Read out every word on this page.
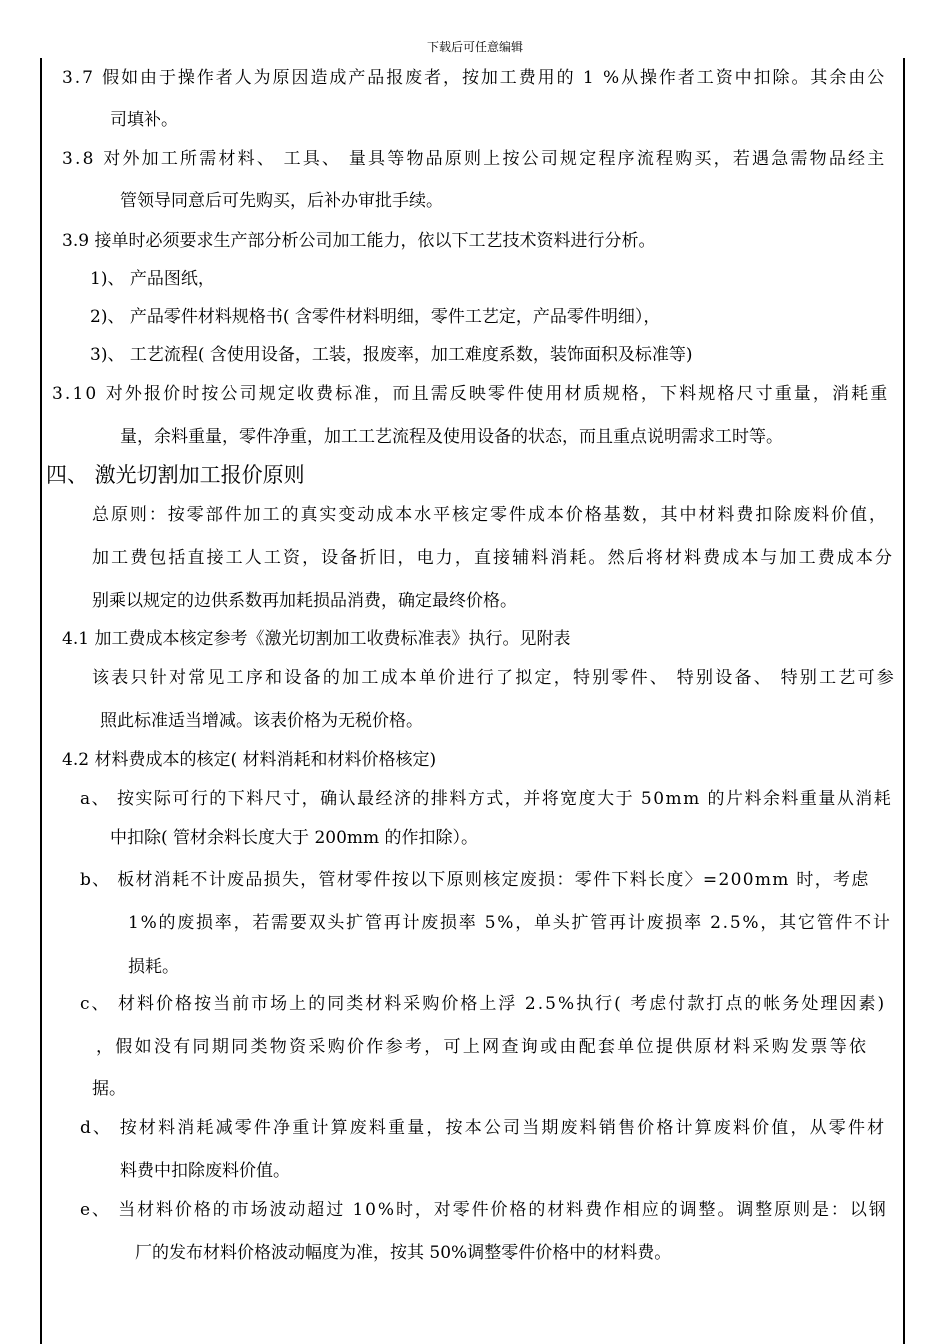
下载后可任意编辑
3.7 假如由于操作者人为原因造成产品报废者，按加工费用的 1 %从操作者工资中扣除。其余由公
司填补。
3.8 对外加工所需材料、 工具、 量具等物品原则上按公司规定程序流程购买，若遇急需物品经主
管领导同意后可先购买，后补办审批手续。
3.9 接单时必须要求生产部分析公司加工能力，依以下工艺技术资料进行分析。
1)、 产品图纸，
2)、 产品零件材料规格书( 含零件材料明细，零件工艺定，产品零件明细），
3)、 工艺流程( 含使用设备，工装，报废率，加工难度系数，装饰面积及标准等)
3.10 对外报价时按公司规定收费标准，而且需反映零件使用材质规格，下料规格尺寸重量，消耗重
量，余料重量，零件净重，加工工艺流程及使用设备的状态，而且重点说明需求工时等。
四、 激光切割加工报价原则
总原则：按零部件加工的真实变动成本水平核定零件成本价格基数，其中材料费扣除废料价值，
加工费包括直接工人工资，设备折旧，电力，直接辅料消耗。然后将材料费成本与加工费成本分
别乘以规定的边供系数再加耗损品消费，确定最终价格。
4.1 加工费成本核定参考《激光切割加工收费标准表》执行。见附表
该表只针对常见工序和设备的加工成本单价进行了拟定，特别零件、 特别设备、 特别工艺可参
照此标准适当增减。该表价格为无税价格。
4.2 材料费成本的核定( 材料消耗和材料价格核定)
a、 按实际可行的下料尺寸，确认最经济的排料方式，并将宽度大于 50mm 的片料余料重量从消耗
中扣除( 管材余料长度大于 200mm 的作扣除）。
b、 板材消耗不计废品损失，管材零件按以下原则核定废损：零件下料长度〉=200mm 时，考虑
1%的废损率，若需要双头扩管再计废损率 5%，单头扩管再计废损率 2.5%，其它管件不计
损耗。
c、 材料价格按当前市场上的同类材料采购价格上浮 2.5%执行( 考虑付款打点的帐务处理因素)
，假如没有同期同类物资采购价作参考，可上网查询或由配套单位提供原材料采购发票等依
据。
d、 按材料消耗减零件净重计算废料重量，按本公司当期废料销售价格计算废料价值，从零件材
料费中扣除废料价值。
e、 当材料价格的市场波动超过 10%时，对零件价格的材料费作相应的调整。调整原则是：以钢
厂的发布材料价格波动幅度为准，按其 50%调整零件价格中的材料费。
